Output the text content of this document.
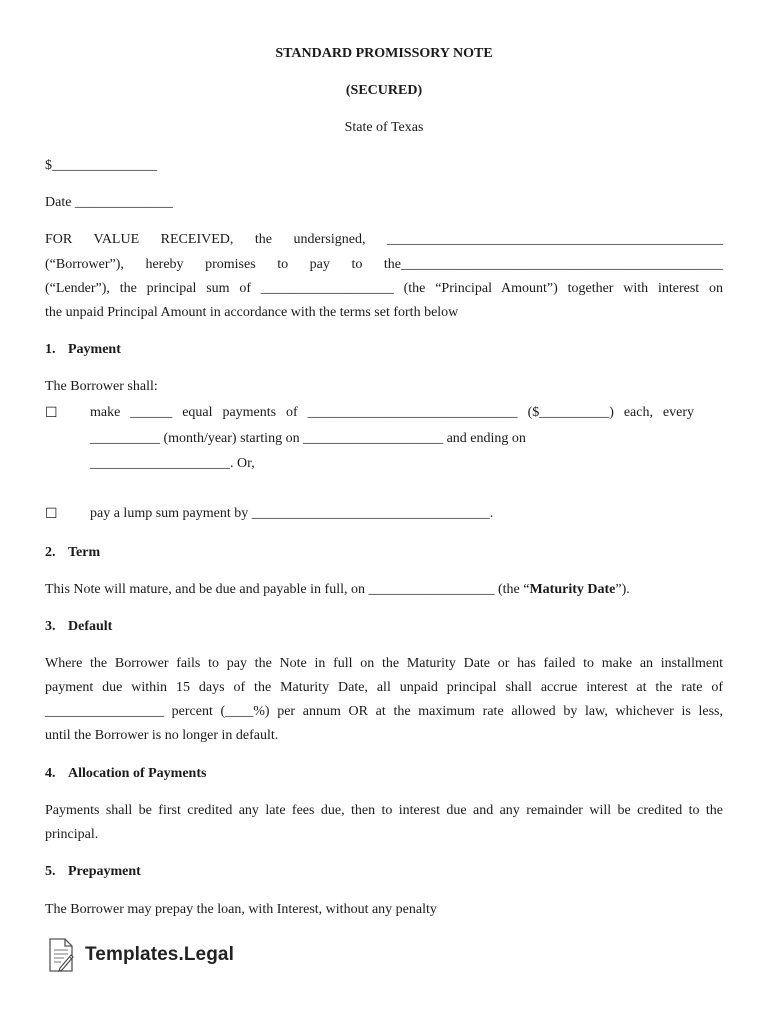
STANDARD PROMISSORY NOTE
(SECURED)
State of Texas
$_______________
Date ______________
FOR VALUE RECEIVED, the undersigned, ________________________________________________
(“Borrower”), hereby promises to pay to the______________________________________________
(“Lender”), the principal sum of ___________________ (the “Principal Amount”) together with interest on
the unpaid Principal Amount in accordance with the terms set forth below
1. Payment
The Borrower shall:
☐ make ______ equal payments of ______________________________ ($__________) each, every
__________ (month/year) starting on ____________________ and ending on
____________________. Or,
☐ pay a lump sum payment by __________________________________.
2. Term
This Note will mature, and be due and payable in full, on __________________ (the “Maturity Date”).
3. Default
Where the Borrower fails to pay the Note in full on the Maturity Date or has failed to make an installment
payment due within 15 days of the Maturity Date, all unpaid principal shall accrue interest at the rate of
_________________ percent (____%) per annum OR at the maximum rate allowed by law, whichever is less,
until the Borrower is no longer in default.
4. Allocation of Payments
Payments shall be first credited any late fees due, then to interest due and any remainder will be credited to the
principal.
5. Prepayment
The Borrower may prepay the loan, with Interest, without any penalty
Templates.Legal
